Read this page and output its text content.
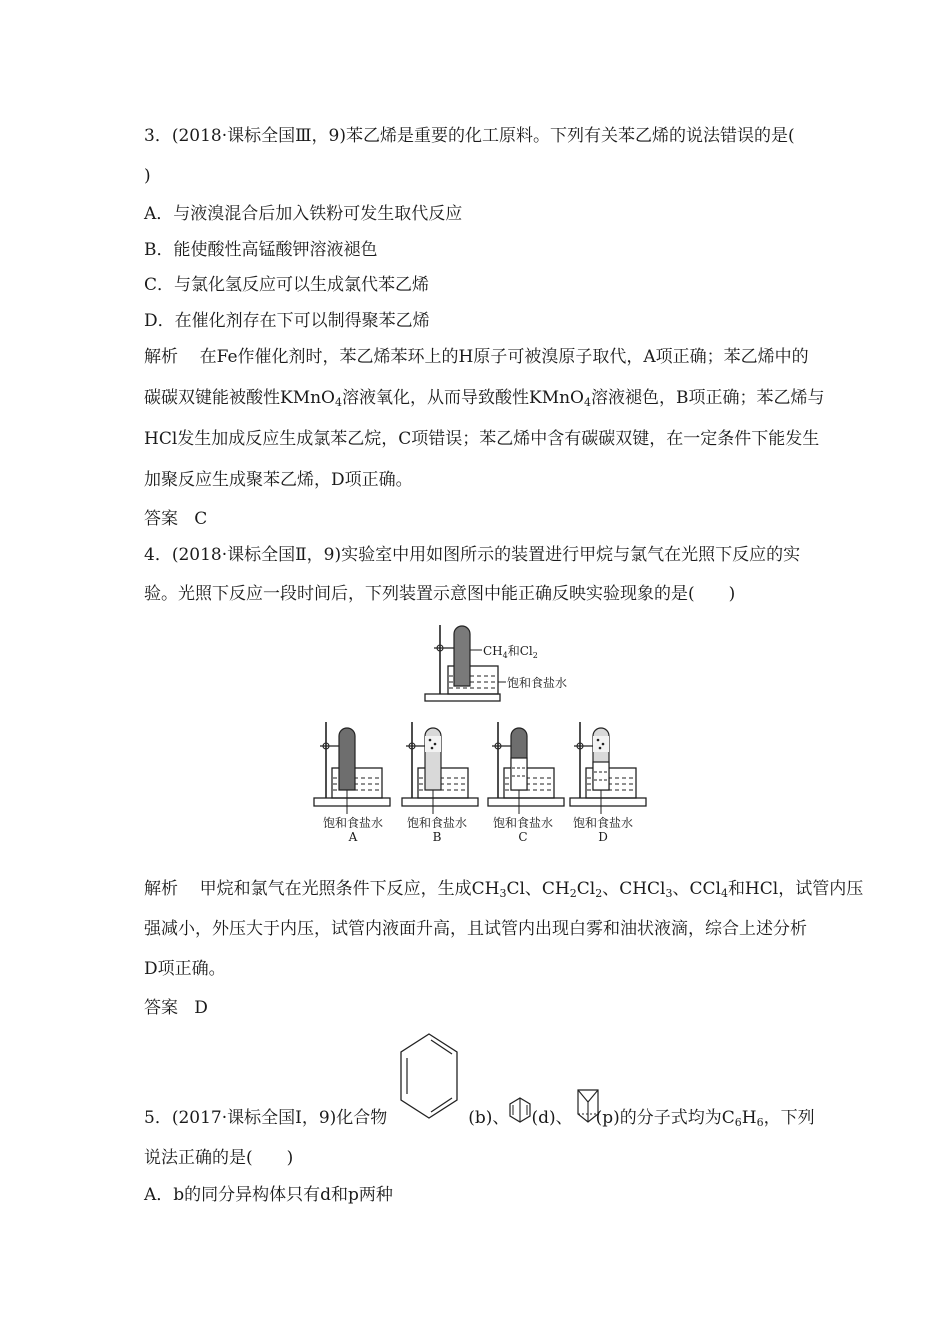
3．(2018·课标全国Ⅲ，9)苯乙烯是重要的化工原料。下列有关苯乙烯的说法错误的是(
)
A．与液溴混合后加入铁粉可发生取代反应
B．能使酸性高锰酸钾溶液褪色
C．与氯化氢反应可以生成氯代苯乙烯
D．在催化剂存在下可以制得聚苯乙烯
解析 在Fe作催化剂时，苯乙烯苯环上的H原子可被溴原子取代，A项正确；苯乙烯中的
碳碳双键能被酸性KMnO$_4$溶液氧化，从而导致酸性KMnO$_4$溶液褪色，B项正确；苯乙烯与
HCl发生加成反应生成氯苯乙烷，C项错误；苯乙烯中含有碳碳双键，在一定条件下能发生
加聚反应生成聚苯乙烯，D项正确。
答案 C
4．(2018·课标全国Ⅱ，9)实验室中用如图所示的装置进行甲烷与氯气在光照下反应的实
验。光照下反应一段时间后，下列装置示意图中能正确反映实验现象的是(　　)
$CH_4$和$Cl_2$
饱和食盐水
饱和食盐水	饱和食盐水	饱和食盐水	饱和食盐水
A	B	C	D
解析 甲烷和氯气在光照条件下反应，生成$CH_3Cl$、$CH_2Cl_2$、CHCl$_3$、CCl$_4$和HCl，试管内压
强减小，外压大于内压，试管内液面升高，且试管内出现白雾和油状液滴，综合上述分析
D项正确。
答案 D
5．(2017·课标全国Ⅰ，9)化合物	(b)、 (d)、 (p)的分子式均为$C_6H_6$，下列
说法正确的是(　　)
A．b的同分异构体只有d和p两种
